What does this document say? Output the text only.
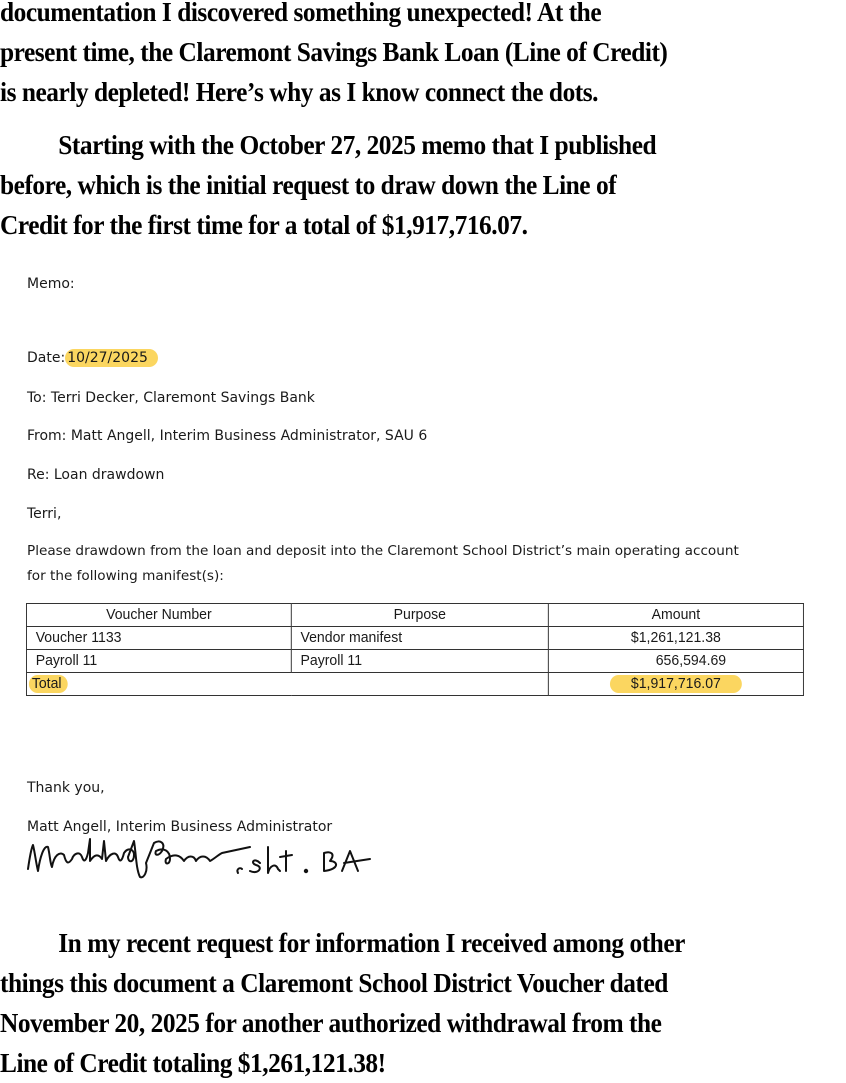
documentation I discovered something unexpected! At the
present time, the Claremont Savings Bank Loan (Line of Credit)
is nearly depleted! Here’s why as I know connect the dots.
Starting with the October 27, 2025 memo that I published
before, which is the initial request to draw down the Line of
Credit for the first time for a total of $1,917,716.07.
Memo:
Date: 10/27/2025
To: Terri Decker, Claremont Savings Bank
From: Matt Angell, Interim Business Administrator, SAU 6
Re: Loan drawdown
Terri,
Please drawdown from the loan and deposit into the Claremont School District’s main operating account
for the following manifest(s):
Voucher Number	Purpose	Amount
Voucher 1133	Vendor manifest	$1,261,121.38
Payroll 11	Payroll 11	656,594.69
Total		$1,917,716.07
Thank you,
Matt Angell, Interim Business Administrator
In my recent request for information I received among other
things this document a Claremont School District Voucher dated
November 20, 2025 for another authorized withdrawal from the
Line of Credit totaling $1,261,121.38!
